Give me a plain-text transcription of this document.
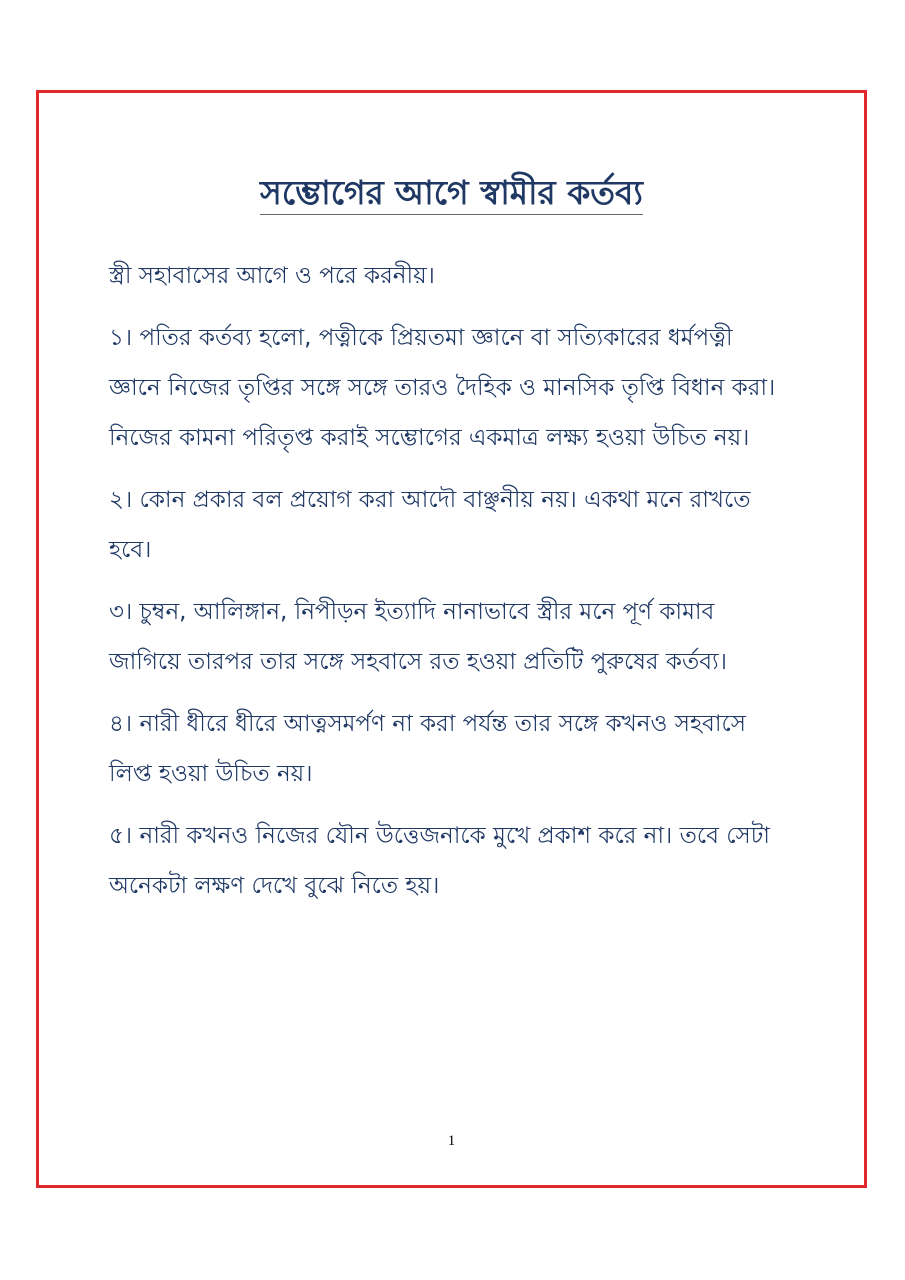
সম্ভোগের আগে স্বামীর কর্তব্য

স্ত্রী সহাবাসের আগে ও পরে করনীয়।

১। পতির কর্তব্য হলো, পত্নীকে প্রিয়তমা জ্ঞানে বা সত্যিকারের ধর্মপত্নী জ্ঞানে নিজের তৃপ্তির সঙ্গে সঙ্গে তারও দৈহিক ও মানসিক তৃপ্তি বিধান করা। নিজের কামনা পরিতৃপ্ত করাই সম্ভোগের একমাত্র লক্ষ্য হওয়া উচিত নয়।

২। কোন প্রকার বল প্রয়োগ করা আদৌ বাঞ্ছনীয় নয়। একথা মনে রাখতে হবে।

৩। চুম্বন, আলিঙ্গান, নিপীড়ন ইত্যাদি নানাভাবে স্ত্রীর মনে পূর্ণ কামাব জাগিয়ে তারপর তার সঙ্গে সহবাসে রত হওয়া প্রতিটি পুরুষের কর্তব্য।

৪। নারী ধীরে ধীরে আত্নসমর্পণ না করা পর্যন্ত তার সঙ্গে কখনও সহবাসে লিপ্ত হওয়া উচিত নয়।

৫। নারী কখনও নিজের যৌন উত্তেজনাকে মুখে প্রকাশ করে না। তবে সেটা অনেকটা লক্ষণ দেখে বুঝে নিতে হয়।

1
